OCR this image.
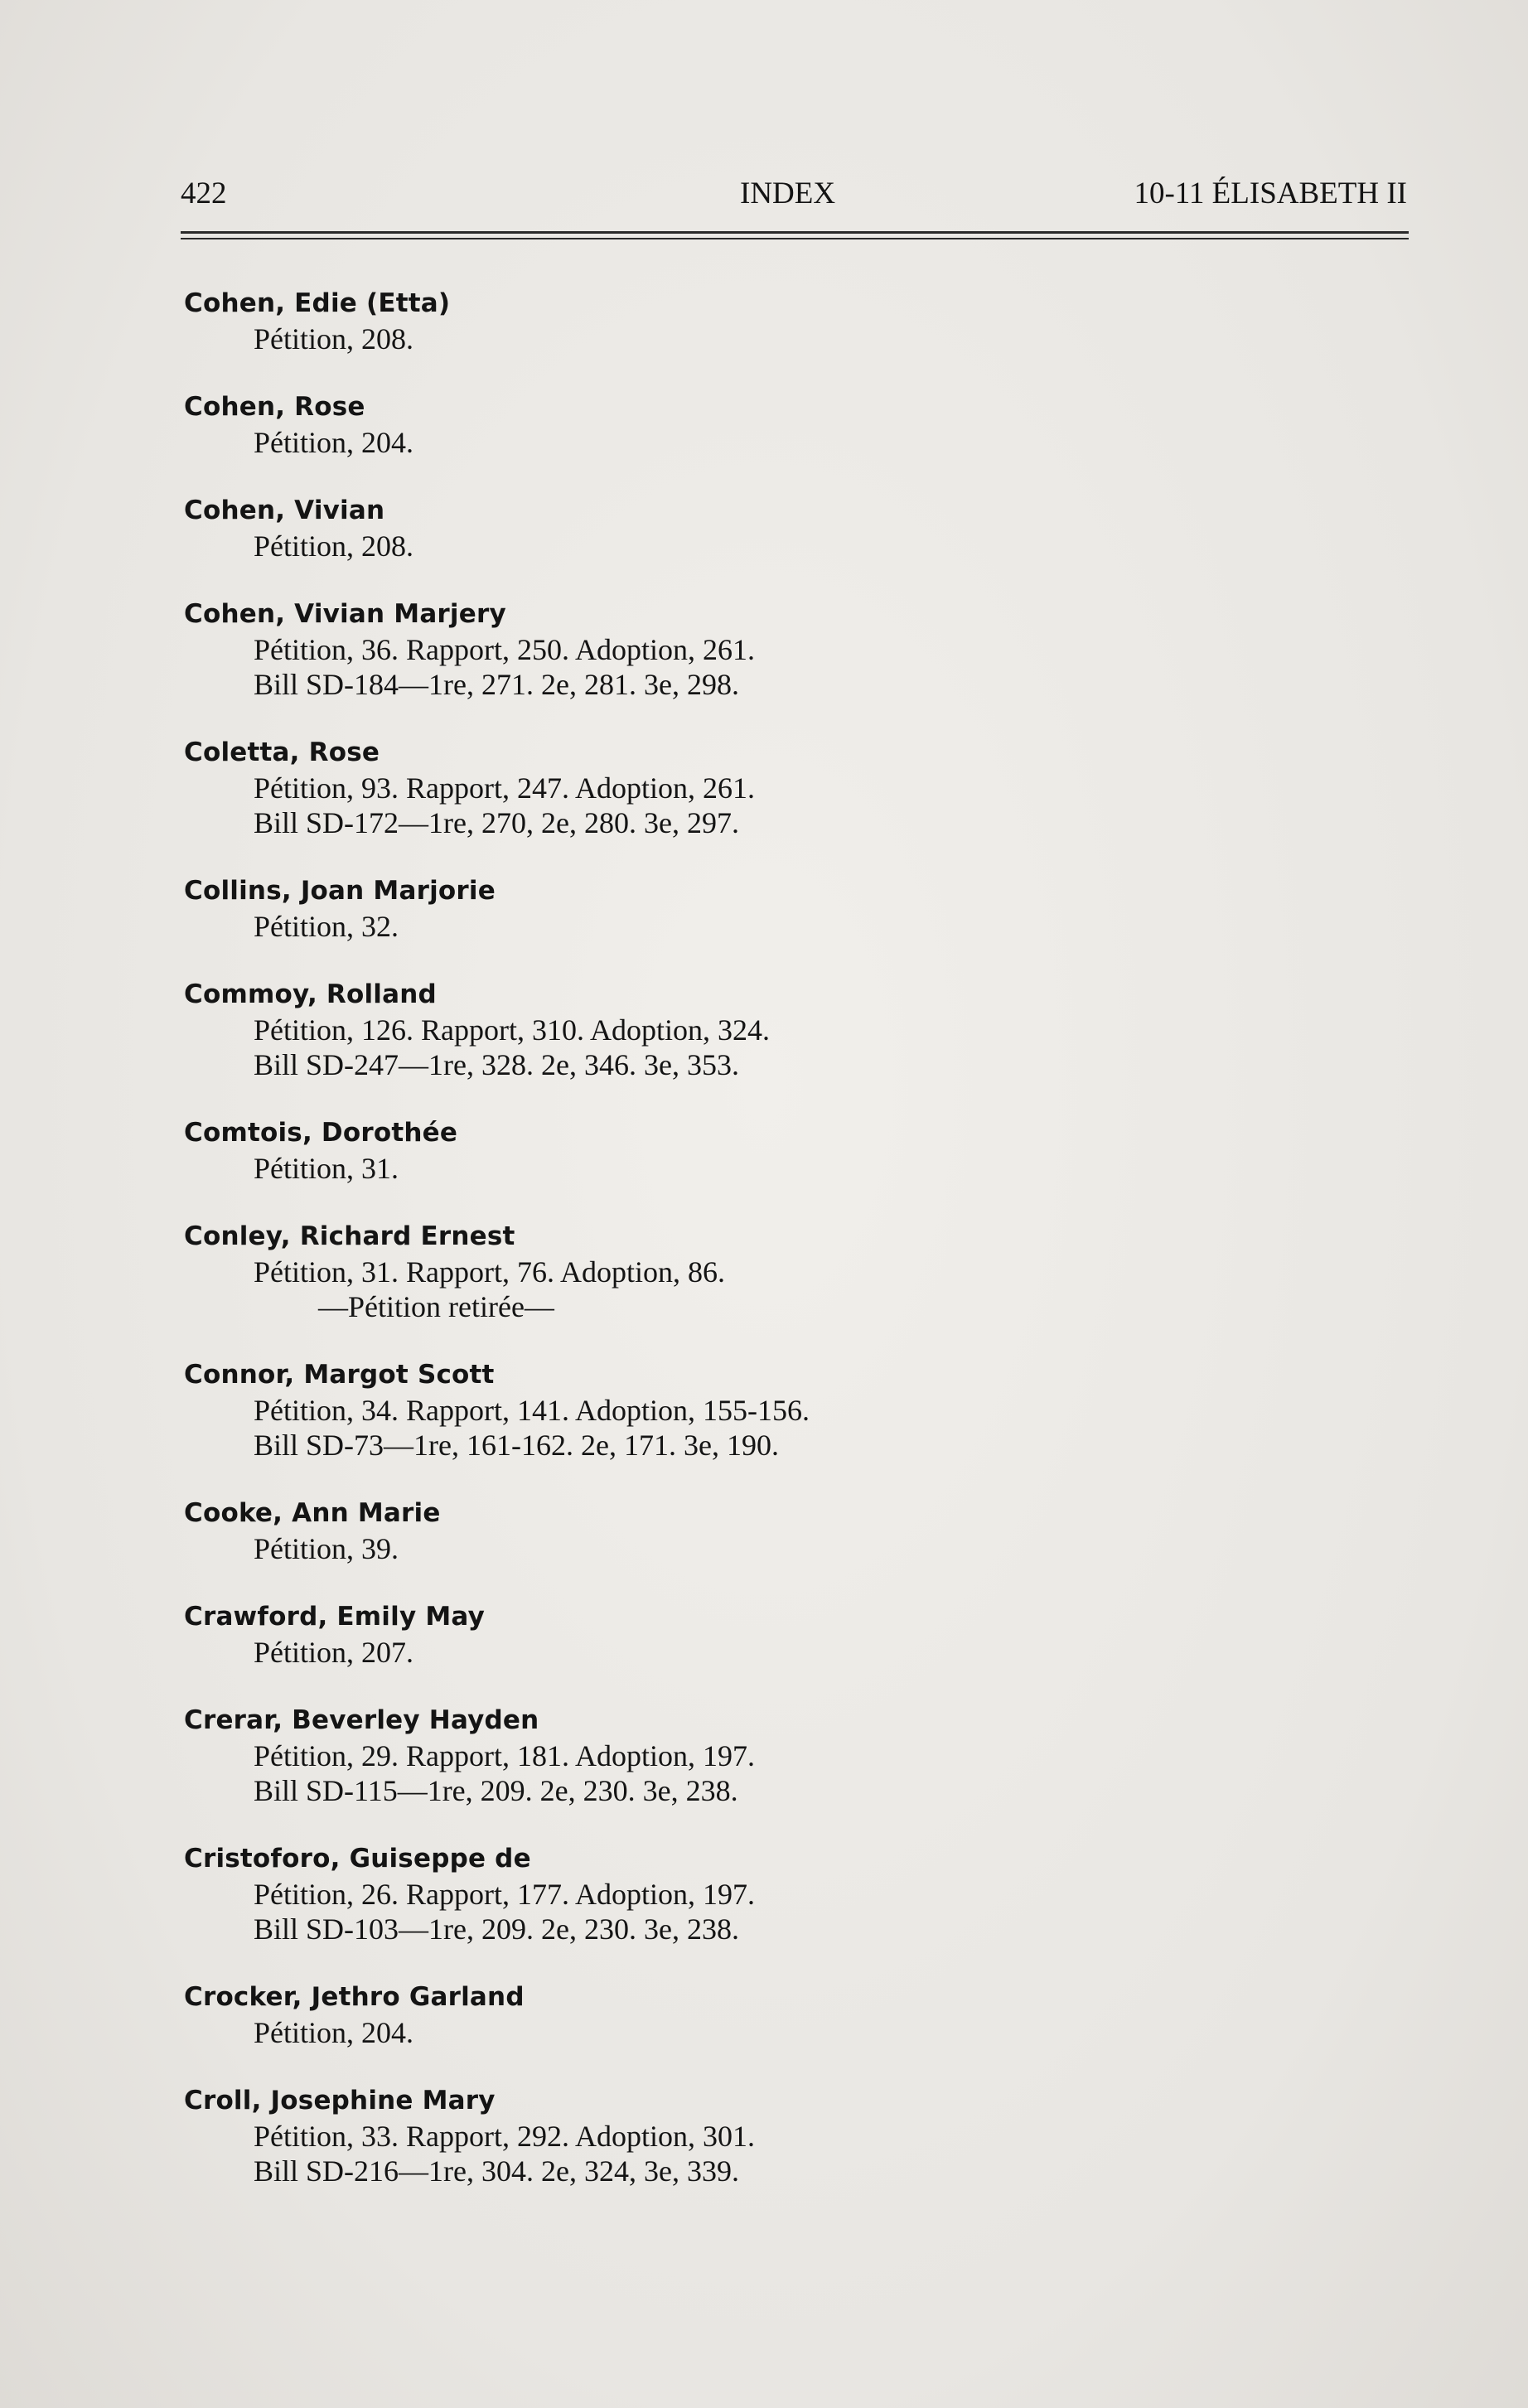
422	INDEX	10-11 ÉLISABETH II
Cohen, Edie (Etta)
Pétition, 208.
Cohen, Rose
Pétition, 204.
Cohen, Vivian
Pétition, 208.
Cohen, Vivian Marjery
Pétition, 36. Rapport, 250. Adoption, 261.
Bill SD-184—1re, 271. 2e, 281. 3e, 298.
Coletta, Rose
Pétition, 93. Rapport, 247. Adoption, 261.
Bill SD-172—1re, 270, 2e, 280. 3e, 297.
Collins, Joan Marjorie
Pétition, 32.
Commoy, Rolland
Pétition, 126. Rapport, 310. Adoption, 324.
Bill SD-247—1re, 328. 2e, 346. 3e, 353.
Comtois, Dorothée
Pétition, 31.
Conley, Richard Ernest
Pétition, 31. Rapport, 76. Adoption, 86.
—Pétition retirée—
Connor, Margot Scott
Pétition, 34. Rapport, 141. Adoption, 155-156.
Bill SD-73—1re, 161-162. 2e, 171. 3e, 190.
Cooke, Ann Marie
Pétition, 39.
Crawford, Emily May
Pétition, 207.
Crerar, Beverley Hayden
Pétition, 29. Rapport, 181. Adoption, 197.
Bill SD-115—1re, 209. 2e, 230. 3e, 238.
Cristoforo, Guiseppe de
Pétition, 26. Rapport, 177. Adoption, 197.
Bill SD-103—1re, 209. 2e, 230. 3e, 238.
Crocker, Jethro Garland
Pétition, 204.
Croll, Josephine Mary
Pétition, 33. Rapport, 292. Adoption, 301.
Bill SD-216—1re, 304. 2e, 324, 3e, 339.
